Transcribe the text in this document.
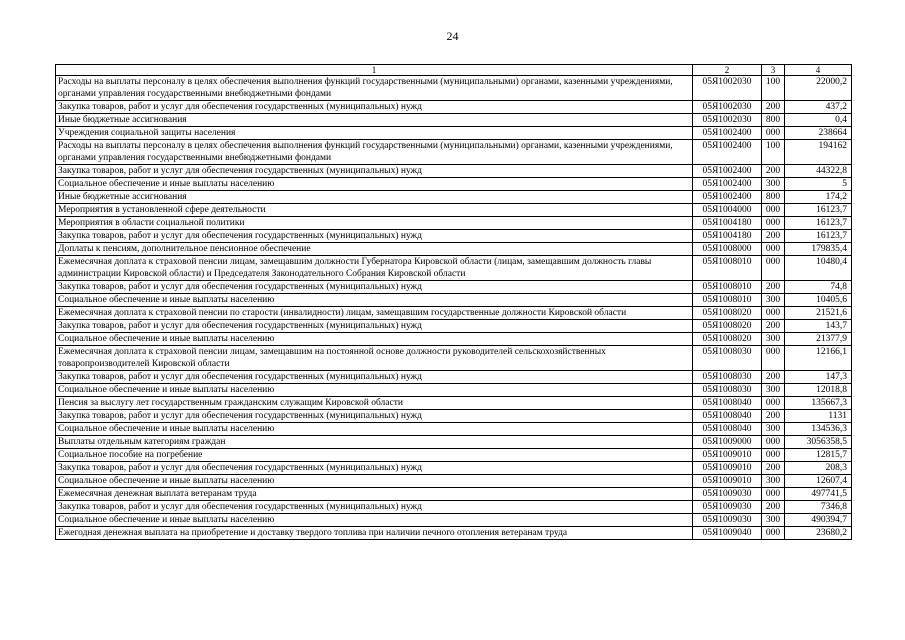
24
1	2	3	4
Расходы на выплаты персоналу в целях обеспечения выполнения функций государственными (муниципальными) органами, казенными учреждениями, органами управления государственными внебюджетными фондами	05Я1002030	100	22000,2
Закупка товаров, работ и услуг для обеспечения государственных (муниципальных) нужд	05Я1002030	200	437,2
Иные бюджетные ассигнования	05Я1002030	800	0,4
Учреждения социальной защиты населения	05Я1002400	000	238664
Расходы на выплаты персоналу в целях обеспечения выполнения функций государственными (муниципальными) органами, казенными учреждениями, органами управления государственными внебюджетными фондами	05Я1002400	100	194162
Закупка товаров, работ и услуг для обеспечения государственных (муниципальных) нужд	05Я1002400	200	44322,8
Социальное обеспечение и иные выплаты населению	05Я1002400	300	5
Иные бюджетные ассигнования	05Я1002400	800	174,2
Мероприятия в установленной сфере деятельности	05Я1004000	000	16123,7
Мероприятия в области социальной политики	05Я1004180	000	16123,7
Закупка товаров, работ и услуг для обеспечения государственных (муниципальных) нужд	05Я1004180	200	16123,7
Доплаты к пенсиям, дополнительное пенсионное обеспечение	05Я1008000	000	179835,4
Ежемесячная доплата к страховой пенсии лицам, замещавшим должности Губернатора Кировской области (лицам, замещавшим должность главы администрации Кировской области) и Председателя Законодательного Собрания Кировской области	05Я1008010	000	10480,4
Закупка товаров, работ и услуг для обеспечения государственных (муниципальных) нужд	05Я1008010	200	74,8
Социальное обеспечение и иные выплаты населению	05Я1008010	300	10405,6
Ежемесячная доплата к страховой пенсии по старости (инвалидности) лицам, замещавшим государственные должности Кировской области	05Я1008020	000	21521,6
Закупка товаров, работ и услуг для обеспечения государственных (муниципальных) нужд	05Я1008020	200	143,7
Социальное обеспечение и иные выплаты населению	05Я1008020	300	21377,9
Ежемесячная доплата к страховой пенсии лицам, замещавшим на постоянной основе должности руководителей сельскохозяйственных товаропроизводителей Кировской области	05Я1008030	000	12166,1
Закупка товаров, работ и услуг для обеспечения государственных (муниципальных) нужд	05Я1008030	200	147,3
Социальное обеспечение и иные выплаты населению	05Я1008030	300	12018,8
Пенсия за выслугу лет государственным гражданским служащим Кировской области	05Я1008040	000	135667,3
Закупка товаров, работ и услуг для обеспечения государственных (муниципальных) нужд	05Я1008040	200	1131
Социальное обеспечение и иные выплаты населению	05Я1008040	300	134536,3
Выплаты отдельным категориям граждан	05Я1009000	000	3056358,5
Социальное пособие на погребение	05Я1009010	000	12815,7
Закупка товаров, работ и услуг для обеспечения государственных (муниципальных) нужд	05Я1009010	200	208,3
Социальное обеспечение и иные выплаты населению	05Я1009010	300	12607,4
Ежемесячная денежная выплата ветеранам труда	05Я1009030	000	497741,5
Закупка товаров, работ и услуг для обеспечения государственных (муниципальных) нужд	05Я1009030	200	7346,8
Социальное обеспечение и иные выплаты населению	05Я1009030	300	490394,7
Ежегодная денежная выплата на приобретение и доставку твердого топлива при наличии печного отопления ветеранам труда	05Я1009040	000	23680,2
